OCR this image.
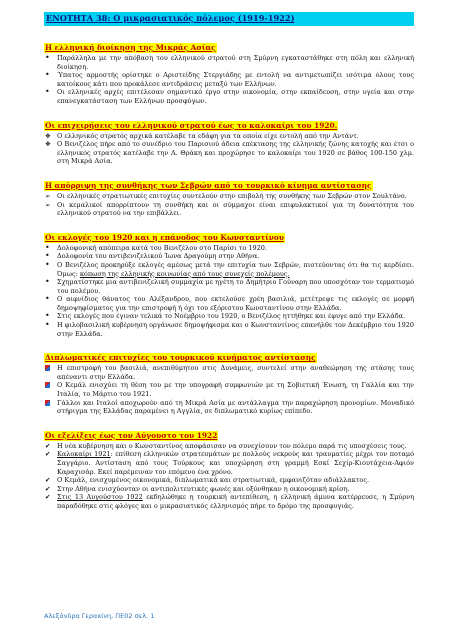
ΕΝΟΤΗΤΑ 38: Ο μικρασιατικός πόλεμος (1919-1922)
Η ελληνική διοίκηση της Μικράς Ασίας
•
Παράλληλα με την απόβαση του ελληνικού στρατού στη Σμύρνη εγκαταστάθηκε στη πόλη και ελληνική διοίκηση.
•
Ύπατος αρμοστής ορίστηκε ο Αριστείδης Στεργιάδης με εντολή να αντιμετωπίζει ισότιμα όλους τους κατοίκους κάτι που προκάλεσε αντιδράσεις μεταξύ των Ελλήνων.
•
Οι ελληνικές αρχές επιτέλεσαν σημαντικό έργο στην οικονομία, στην εκπαίδευση, στην υγεία και στην επανεγκατάσταση των Ελλήνων προσφύγων.
Οι επιχειρήσεις του ελληνικού στρατού έως το καλοκαίρι του 1920.
❖
Ο ελληνικός στρατός αρχικά κατέλαβε τα εδάφη για τα οποία είχε εντολή από την Αντάντ.
❖
Ο Βενιζέλος πήρε από το συνέδριο του Παρισιού άδεια επέκτασης της ελληνικής ζώνης κατοχής και έτσι ο ελληνικός στρατός κατέλαβε την Α. Θράκη και προχώρησε το καλοκαίρι του 1920 σε βάθος 100-150 χλμ. στη Μικρά Ασία.
Η απόρριψη της συνθήκης των Σεβρών από το τουρκικό κίνημα αντίστασης
➢
Οι ελληνικές στρατιωτικές επιτυχίες συντελούν στην επιβολή της συνθήκης των Σεβρών στον Σουλτάνο.
➢
Οι κεμαλικοί απορρίπτουν τη συνθήκη και οι σύμμαχοι είναι επιφυλακτικοί για τη δυνατότητα του ελληνικού στρατού να την επιβάλλει.
Οι εκλογές του 1920 και η επάνοδος του Κωνσταντίνου
•
Δολοφονική απόπειρα κατά του Βενιζέλου στο Παρίσι το 1920.
•
Δολοφονία του αντιβενιζελικού Ίωνα Δραγούμη στην Αθήνα.
•
Ο Βενιζέλος προκηρύξε εκλογές αμέσως μετά την επιτυχία των Σεβρών, πιστεύοντας ότι θα τις κερδίσει. Όμως: κόπωση της ελληνικής κοινωνίας από τους συνεχείς πολέμους.
•
Σχηματίστηκε μια αντιβενιζελική συμμαχία με ηγέτη το Δημήτριο Γούναρη που υποσχόταν τον τερματισμό του πολέμου.
•
Ο αιφνίδιος θάνατος του Αλέξανδρου, που εκτελούσε χρέη βασιλιά, μετέτρεψε τις εκλογές σε μορφή δημοψηφίσματος για την επιστροφή ή όχι του εξόριστου Κωνσταντίνου στην Ελλάδα.
•
Στις εκλογές που έγιναν τελικά το Νοέμβριο του 1920, ο Βενιζέλος ηττήθηκε και έφυγε από την Ελλάδα.
•
Η φιλοβασιλική κυβέρνηση οργάνωσε δημοψήφισμα και ο Κωνσταντίνος επανήλθε τον Δεκέμβριο του 1920 στην Ελλάδα.
Διπλωματικές επιτυχίες του τουρκικού κινήματος αντίστασης
Η επιστροφή του βασιλιά, ανεπιθύμητου στις Δυνάμεις, συντελεί στην αναθεώρηση της στάσης τους απέναντι στην Ελλάδα.
Ο Κεμάλ ενισχύει τη θέση του με την υπογραφή συμφωνιών με τη Σοβιετική Ένωση, τη Γαλλία και την Ιταλία, το Μάρτιο του 1921.
Γάλλοι και Ιταλοί αποχωρούν από τη Μικρά Ασία με αντάλλαγμα την παραχώρηση προνομίων. Μοναδικό στήριγμα της Ελλάδας παραμένει η Αγγλία, σε διπλωματικό κυρίως επίπεδο.
Οι εξελίξεις έως τον Αύγουστο του 1922
✔
Η νέα κυβέρνηση και ο Κωνσταντίνος αποφάσισαν να συνεχίσουν τον πόλεμο παρά τις υποσχέσεις τους.
✔
Καλοκαίρι 1921: επίθεση ελληνικών στρατευμάτων με πολλούς νεκρούς και τραυματίες μέχρι τον ποταμό Σαγγάριο. Αντίσταση από τους Τούρκους και υποχώρηση στη γραμμή Εσκί Σεχίρ-Κιουτάχεια-Αφιόν Καραχισάρ. Εκεί παρέμειναν τον επόμενο ένα χρόνο.
✔
Ο Κεμάλ, ενισχυμένος οικονομικά, διπλωματικά και στρατιωτικά, εμφανιζόταν αδιάλλακτος.
✔
Στην Αθήνα ενισχύονταν οι αντιπολιτευτικές φωνές και οξύνθηκαν η οικονομική κρίση.
✔
Στις 13 Αυγούστου 1922 εκδηλώθηκε η τουρκική αντεπίθεση, η ελληνική άμυνα κατέρρευσε, η Σμύρνη παραδόθηκε στις φλόγες και ο μικρασιατικός ελληνισμός πήρε το δρόμο της προσφυγιάς.
Αλεξάνδρα Γερακίνη, ΠΕ02 σελ. 1
